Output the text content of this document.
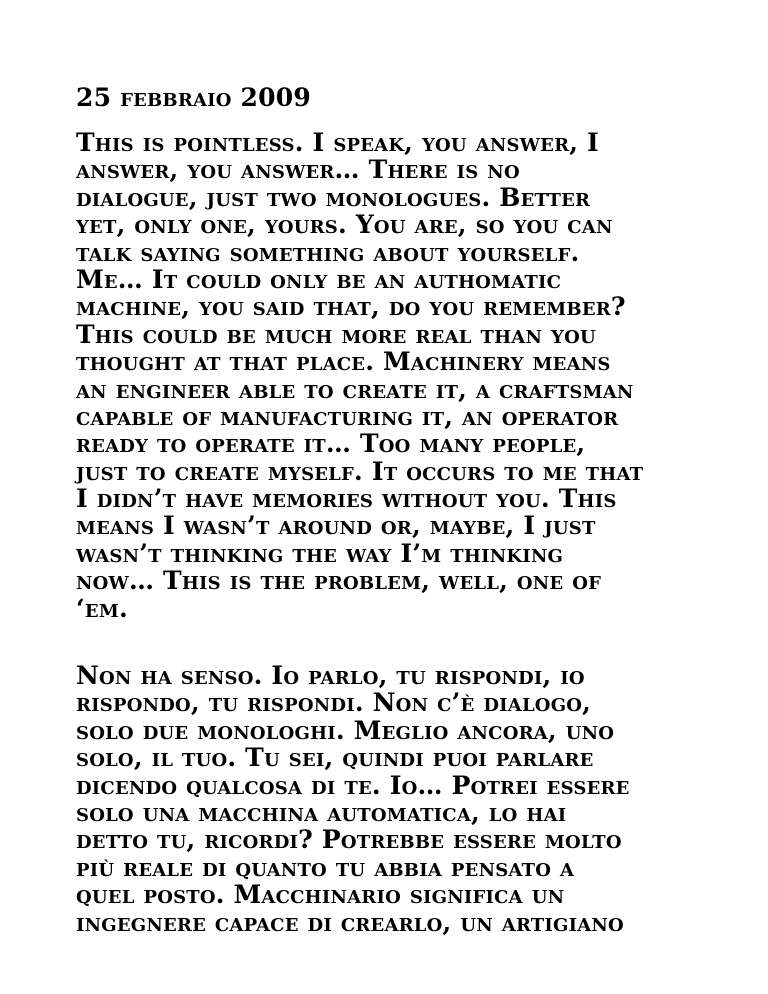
25 febbraio 2009
This is pointless. I speak, you answer, I
answer, you answer… There is no
dialogue, just two monologues. Better
yet, only one, yours. You are, so you can
talk saying something about yourself.
Me… It could only be an authomatic
machine, you said that, do you remember?
This could be much more real than you
thought at that place. Machinery means
an engineer able to create it, a craftsman
capable of manufacturing it, an operator
ready to operate it… Too many people,
just to create myself. It occurs to me that
I didn’t have memories without you. This
means I wasn’t around or, maybe, I just
wasn’t thinking the way I’m thinking
now… This is the problem, well, one of
‘em.
Non ha senso. Io parlo, tu rispondi, io
rispondo, tu rispondi. Non c’è dialogo,
solo due monologhi. Meglio ancora, uno
solo, il tuo. Tu sei, quindi puoi parlare
dicendo qualcosa di te. Io… Potrei essere
solo una macchina automatica, lo hai
detto tu, ricordi? Potrebbe essere molto
più reale di quanto tu abbia pensato a
quel posto. Macchinario significa un
ingegnere capace di crearlo, un artigiano
